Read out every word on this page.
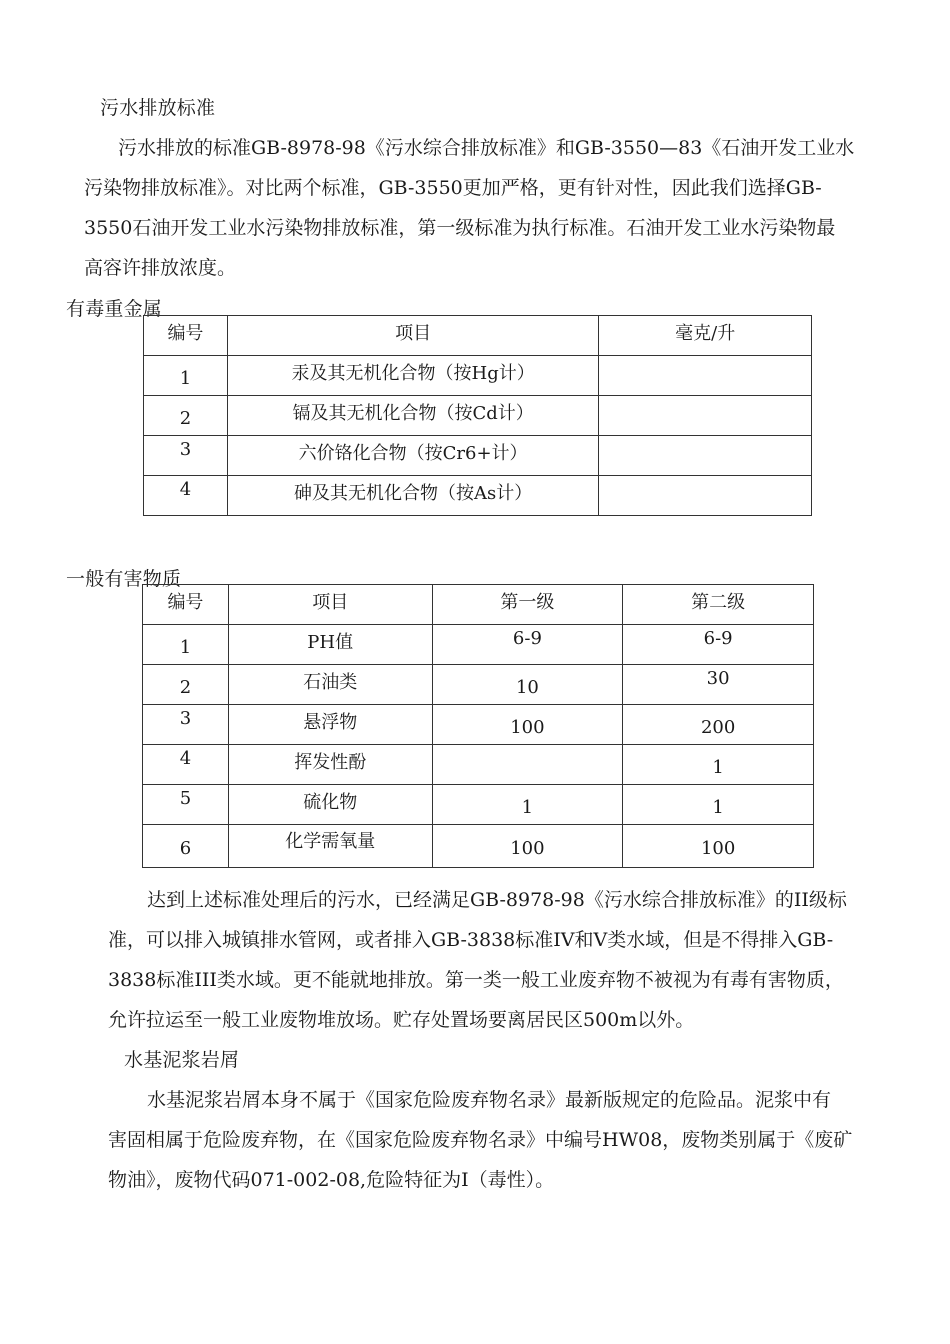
污水排放标准
污水排放的标准GB-8978-98《污水综合排放标准》和GB-3550—83《石油开发工业水
污染物排放标准》。对比两个标准，GB-3550更加严格，更有针对性，因此我们选择GB-
3550石油开发工业水污染物排放标准，第一级标准为执行标准。石油开发工业水污染物最
高容许排放浓度。
有毒重金属
编号	项目	毫克/升

1	汞及其无机化合物（按Hg计）	

2	镉及其无机化合物（按Cd计）	

3	六价铬化合物（按Cr6+计）	

4	砷及其无机化合物（按As计）	

一般有害物质
编号	项目	第一级	第二级

1	PH值	6-9	6-9

2	石油类	10	30

3	悬浮物	100	200

4	挥发性酚		1

5	硫化物	1	1

6	化学需氧量	100	100
达到上述标准处理后的污水，已经满足GB-8978-98《污水综合排放标准》的II级标
准，可以排入城镇排水管网，或者排入GB-3838标准IV和V类水域，但是不得排入GB-
3838标准III类水域。更不能就地排放。第一类一般工业废弃物不被视为有毒有害物质，
允许拉运至一般工业废物堆放场。贮存处置场要离居民区500m以外。
水基泥浆岩屑
水基泥浆岩屑本身不属于《国家危险废弃物名录》最新版规定的危险品。泥浆中有
害固相属于危险废弃物，在《国家危险废弃物名录》中编号HW08，废物类别属于《废矿
物油》，废物代码071-002-08,危险特征为I（毒性）。
